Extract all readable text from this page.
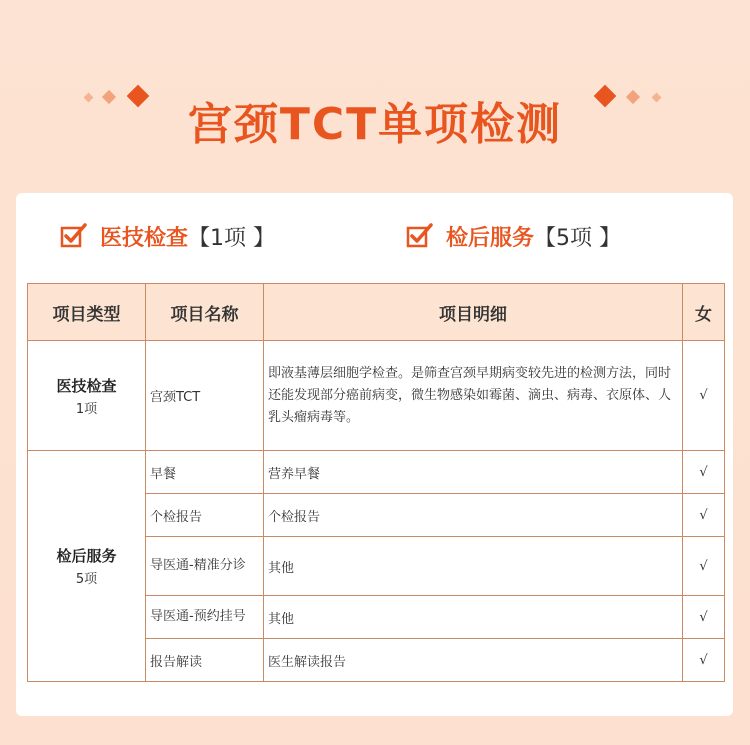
宫颈TCT单项检测
医技检查 【1项 】	检后服务 【5项 】
项目类型	项目名称	项目明细	女

医技检查
1项	宫颈TCT	即液基薄层细胞学检查。是筛查宫颈早期病变较先进的检测方法，同时还能发现部分癌前病变，微生物感染如霉菌、滴虫、病毒、衣原体、人乳头瘤病毒等。	√

检后服务
5项	早餐	营养早餐	√
	个检报告	个检报告	√
	导医通-精准分诊	其他	√
	导医通-预约挂号	其他	√
	报告解读	医生解读报告	√
